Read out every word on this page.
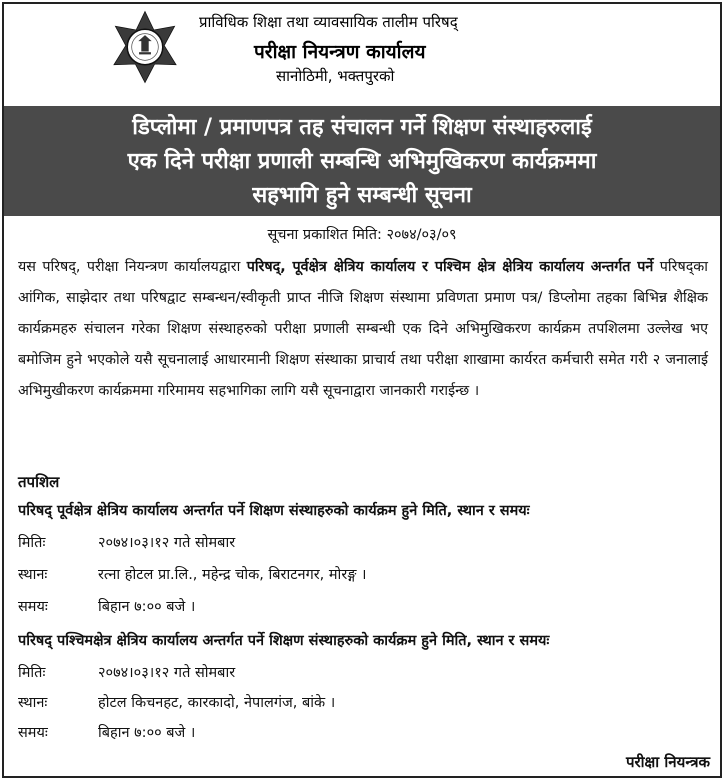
प्राविधिक शिक्षा तथा व्यावसायिक तालीम परिषद्
परीक्षा नियन्त्रण कार्यालय
सानोठिमी, भक्तपुरको
डिप्लोमा / प्रमाणपत्र तह संचालन गर्ने शिक्षण संस्थाहरुलाई
एक दिने परीक्षा प्रणाली सम्बन्धि अभिमुखिकरण कार्यक्रममा
सहभागि हुने सम्बन्धी सूचना
सूचना प्रकाशित मिति: २०७४/०३/०९
यस परिषद्, परीक्षा नियन्त्रण कार्यालयद्वारा परिषद्, पूर्वक्षेत्र क्षेत्रिय कार्यालय र पश्चिम क्षेत्र क्षेत्रिय कार्यालय अन्तर्गत पर्ने परिषद्का आंगिक, साझेदार तथा परिषद्वाट सम्बन्धन/स्वीकृती प्राप्त नीजि शिक्षण संस्थामा प्रविणता प्रमाण पत्र/ डिप्लोमा तहका बिभिन्न शैक्षिक कार्यक्रमहरु संचालन गरेका शिक्षण संस्थाहरुको परीक्षा प्रणाली सम्बन्धी एक दिने अभिमुखिकरण कार्यक्रम तपशिलमा उल्लेख भए बमोजिम हुने भएकोले यसै सूचनालाई आधारमानी शिक्षण संस्थाका प्राचार्य तथा परीक्षा शाखामा कार्यरत कर्मचारी समेत गरी २ जनालाई अभिमुखीकरण कार्यक्रममा गरिमामय सहभागिका लागि यसै सूचनाद्वारा जानकारी गराईन्छ ।
तपशिल
परिषद् पूर्वक्षेत्र क्षेत्रिय कार्यालय अन्तर्गत पर्ने शिक्षण संस्थाहरुको कार्यक्रम हुने मिति, स्थान र समयः
मितिः	२०७४।०३।१२ गते सोमबार
स्थानः	रत्ना होटल प्रा.लि., महेन्द्र चोक, बिराटनगर, मोरङ्ग ।
समयः	बिहान ७:०० बजे ।
परिषद् पश्चिमक्षेत्र क्षेत्रिय कार्यालय अन्तर्गत पर्ने शिक्षण संस्थाहरुको कार्यक्रम हुने मिति, स्थान र समयः
मितिः	२०७४।०३।१२ गते सोमबार
स्थानः	होटल किचनहट, कारकादो, नेपालगंज, बांके ।
समयः	बिहान ७:०० बजे ।
परीक्षा नियन्त्रक
